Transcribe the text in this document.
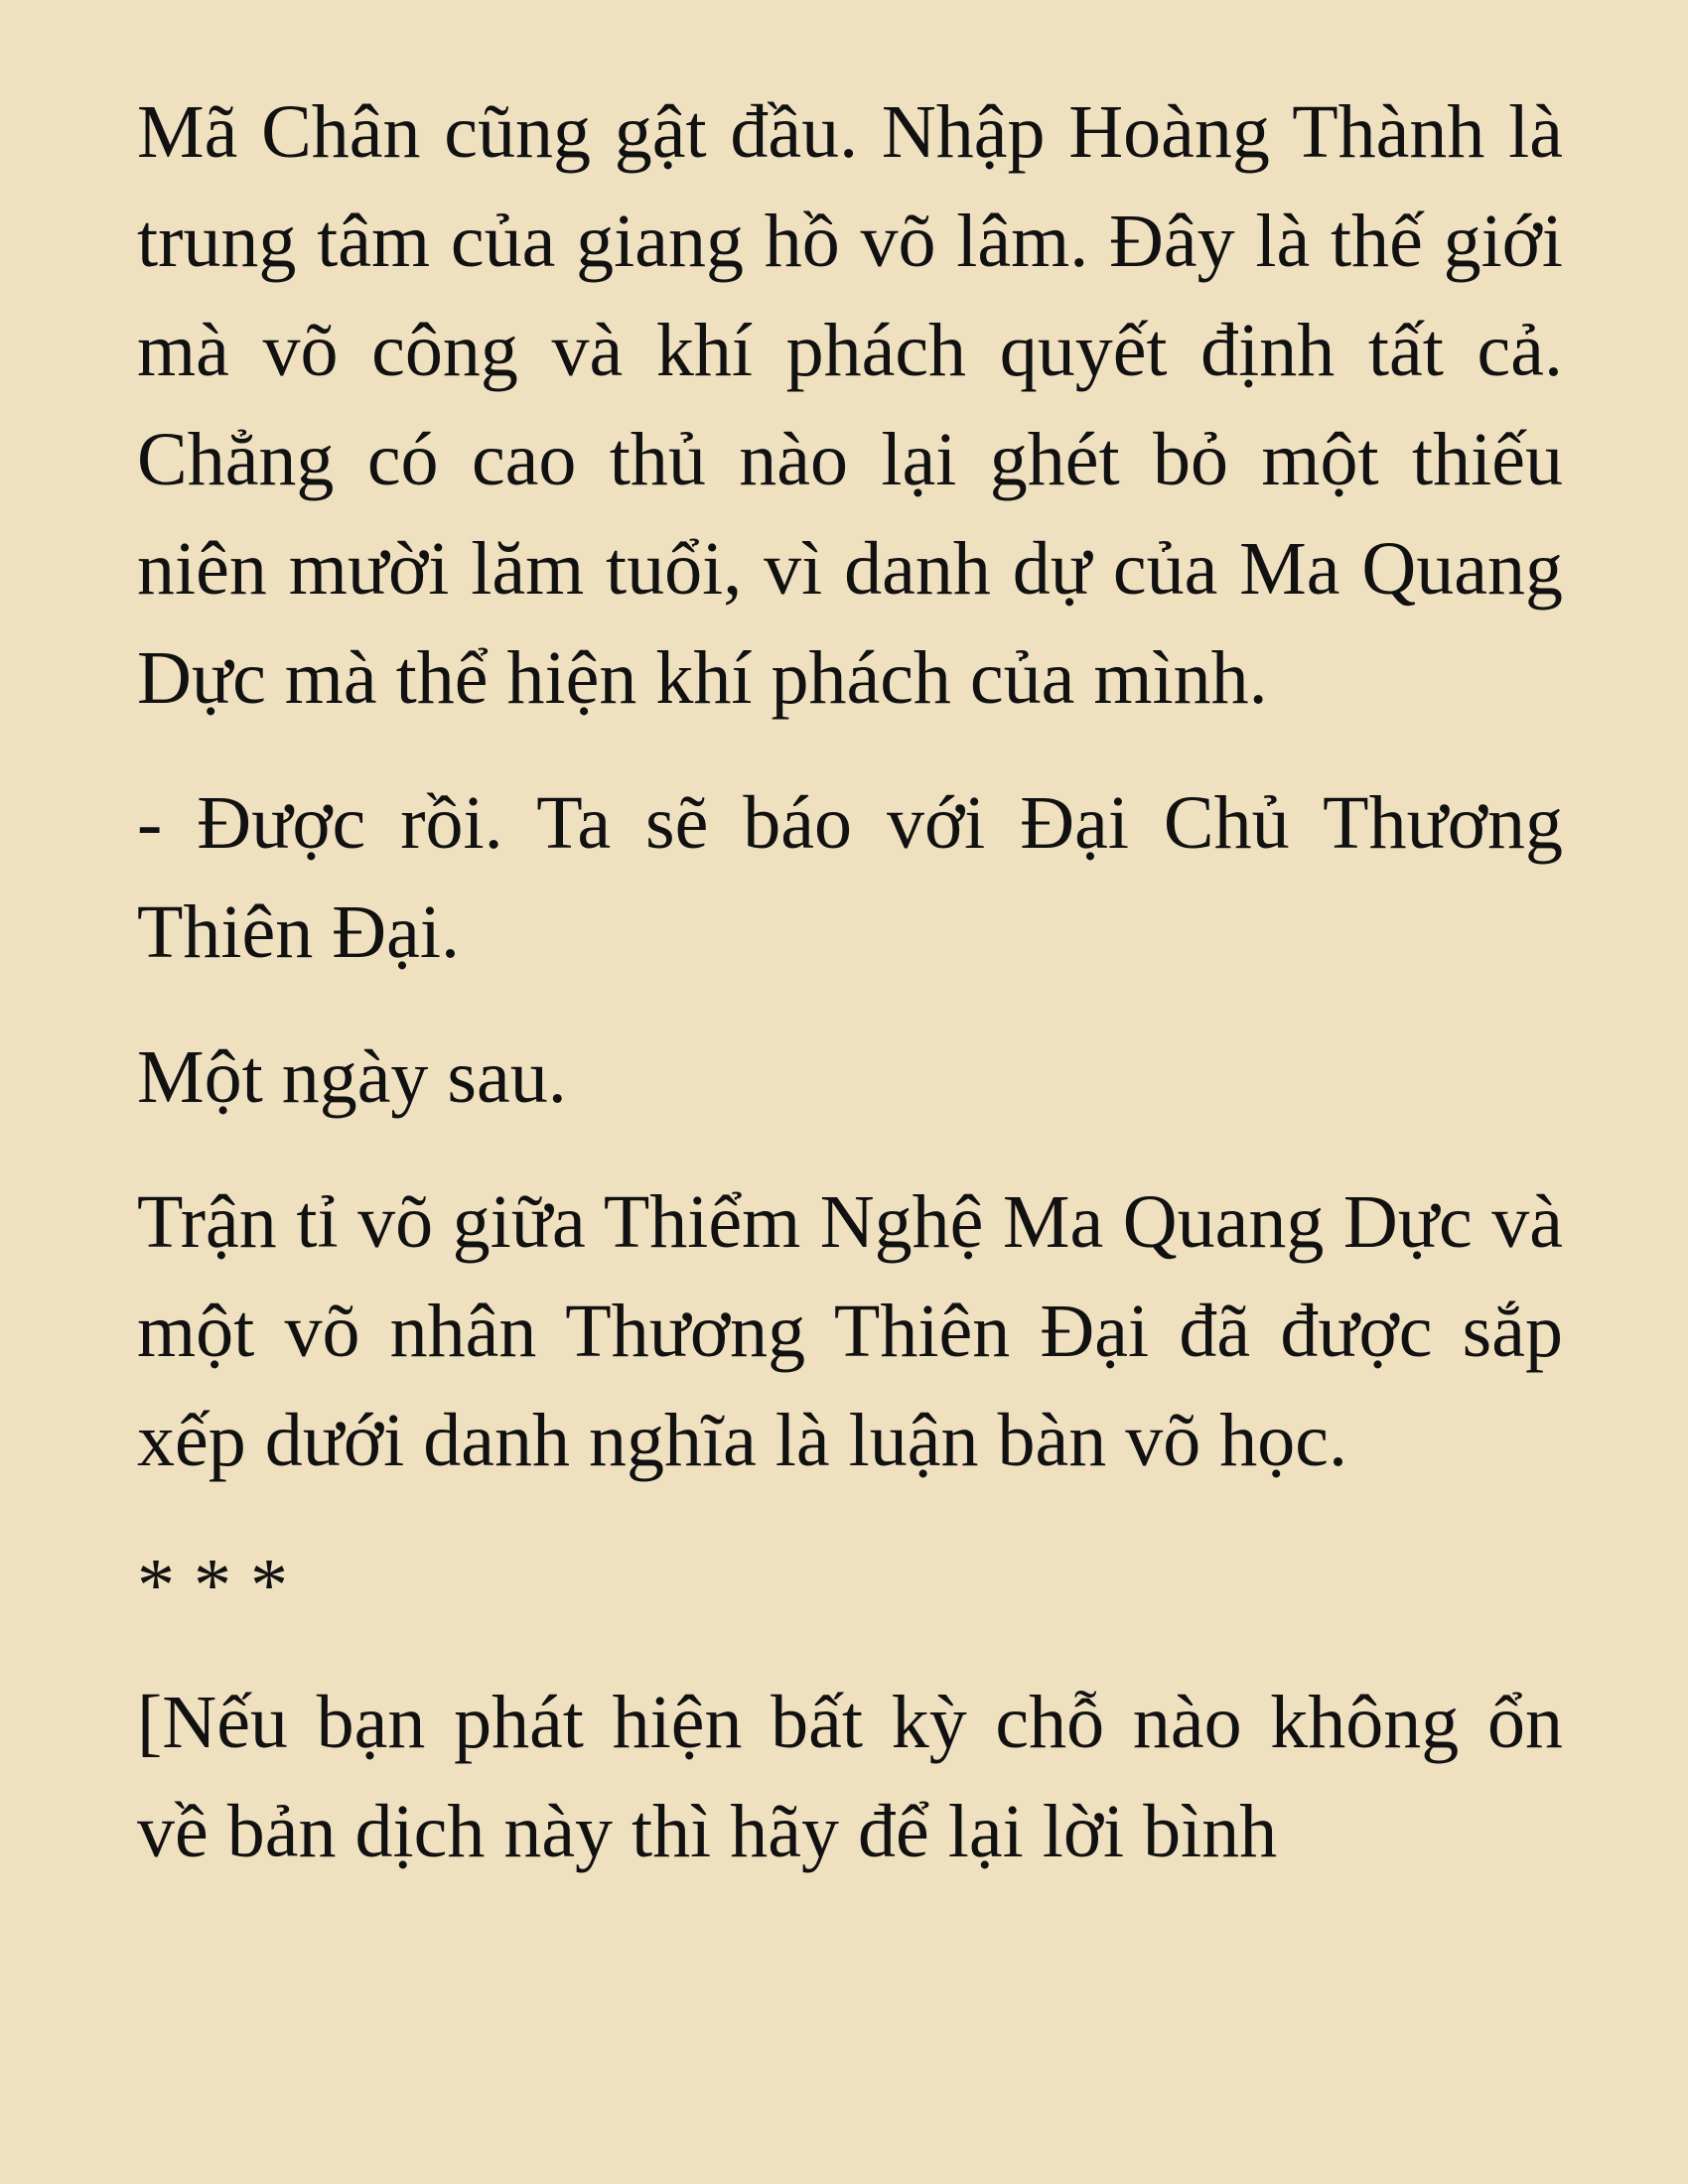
Mã Chân cũng gật đầu. Nhập Hoàng Thành là trung tâm của giang hồ võ lâm. Đây là thế giới mà võ công và khí phách quyết định tất cả. Chẳng có cao thủ nào lại ghét bỏ một thiếu niên mười lăm tuổi, vì danh dự của Ma Quang Dực mà thể hiện khí phách của mình.

- Được rồi. Ta sẽ báo với Đại Chủ Thương Thiên Đại.

Một ngày sau.

Trận tỉ võ giữa Thiểm Nghệ Ma Quang Dực và một võ nhân Thương Thiên Đại đã được sắp xếp dưới danh nghĩa là luận bàn võ học.

* * *

[Nếu bạn phát hiện bất kỳ chỗ nào không ổn về bản dịch này thì hãy để lại lời bình
